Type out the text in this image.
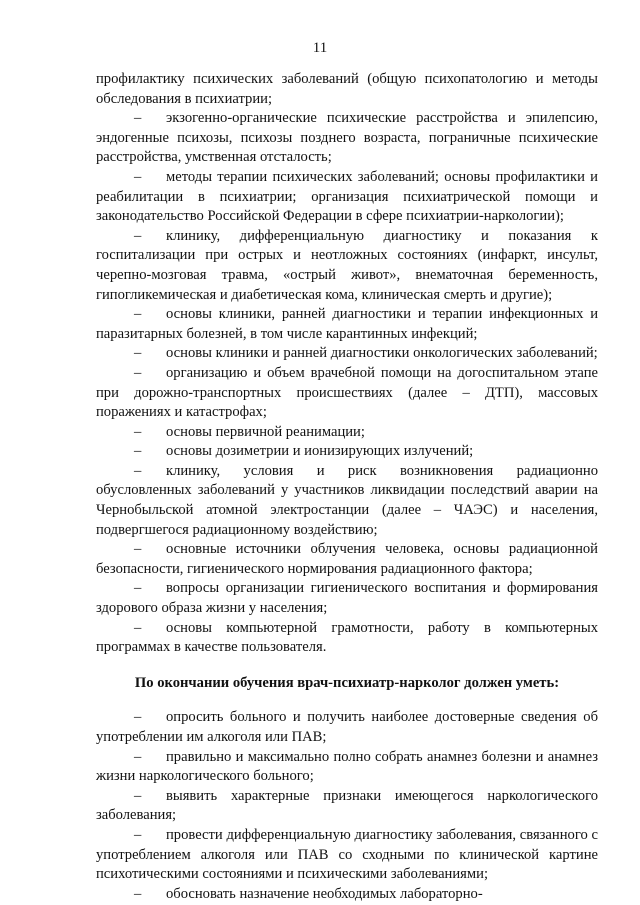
11

профилактику психических заболеваний (общую психопатологию и методы обследования в психиатрии;

– экзогенно-органические психические расстройства и эпилепсию, эндогенные психозы, психозы позднего возраста, пограничные психические расстройства, умственная отсталость;

– методы терапии психических заболеваний; основы профилактики и реабилитации в психиатрии; организация психиатрической помощи и законодательство Российской Федерации в сфере психиатрии-наркологии);

– клинику, дифференциальную диагностику и показания к госпитализации при острых и неотложных состояниях (инфаркт, инсульт, черепно-мозговая травма, «острый живот», внематочная беременность, гипогликемическая и диабетическая кома, клиническая смерть и другие);

– основы клиники, ранней диагностики и терапии инфекционных и паразитарных болезней, в том числе карантинных инфекций;

– основы клиники и ранней диагностики онкологических заболеваний;

– организацию и объем врачебной помощи на догоспитальном этапе при дорожно-транспортных происшествиях (далее – ДТП), массовых поражениях и катастрофах;

– основы первичной реанимации;

– основы дозиметрии и ионизирующих излучений;

– клинику, условия и риск возникновения радиационно обусловленных заболеваний у участников ликвидации последствий аварии на Чернобыльской атомной электростанции (далее – ЧАЭС) и населения, подвергшегося радиационному воздействию;

– основные источники облучения человека, основы радиационной безопасности, гигиенического нормирования радиационного фактора;

– вопросы организации гигиенического воспитания и формирования здорового образа жизни у населения;

– основы компьютерной грамотности, работу в компьютерных программах в качестве пользователя.

По окончании обучения врач-психиатр-нарколог должен уметь:

– опросить больного и получить наиболее достоверные сведения об употреблении им алкоголя или ПАВ;

– правильно и максимально полно собрать анамнез болезни и анамнез жизни наркологического больного;

– выявить характерные признаки имеющегося наркологического заболевания;

– провести дифференциальную диагностику заболевания, связанного с употреблением алкоголя или ПАВ со сходными по клинической картине психотическими состояниями и психическими заболеваниями;

– обосновать назначение необходимых лабораторно-
